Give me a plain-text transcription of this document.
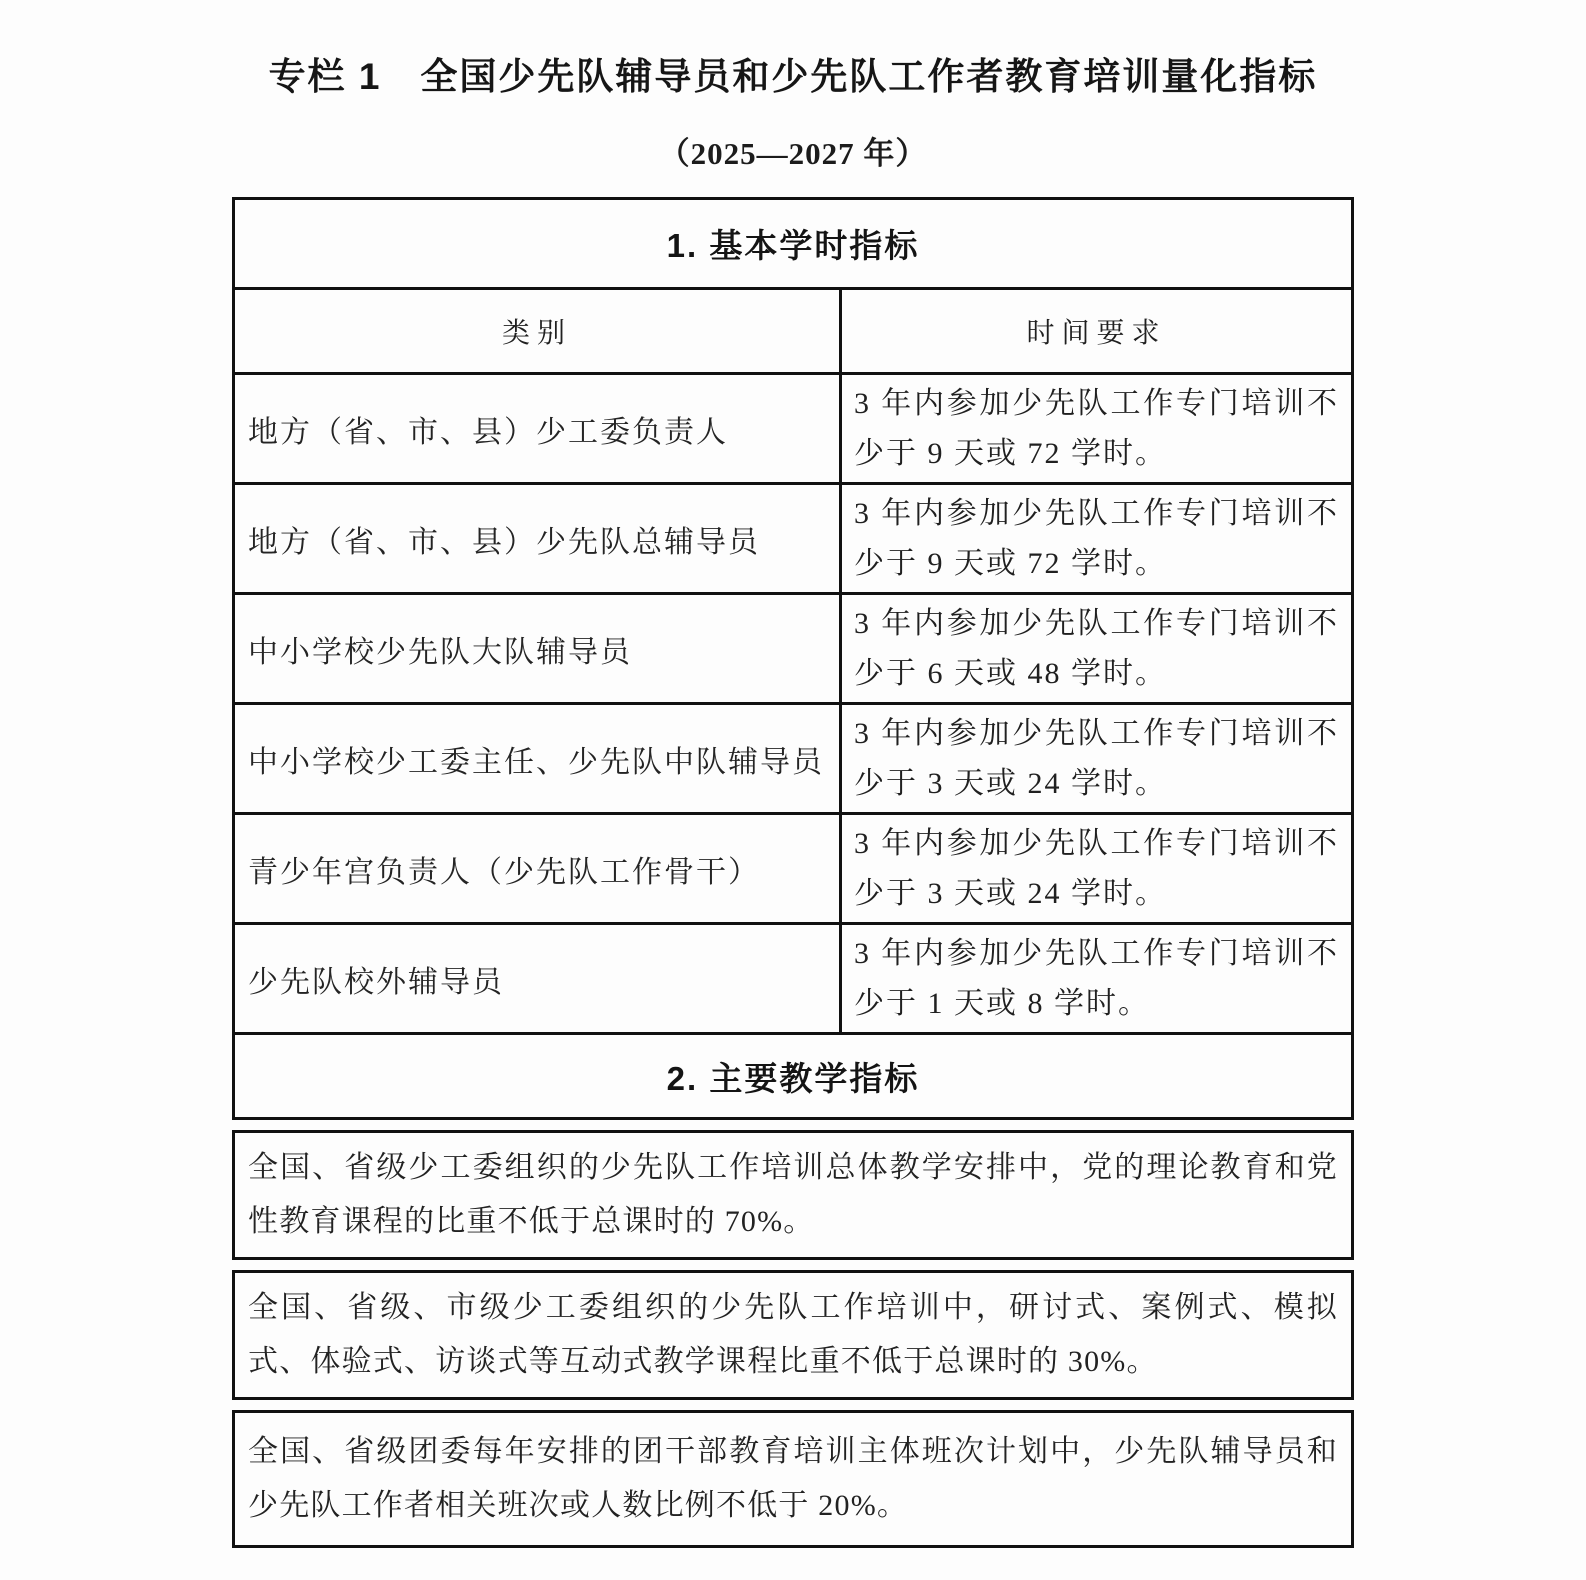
专栏 1　全国少先队辅导员和少先队工作者教育培训量化指标
（2025—2027 年）
1. 基本学时指标
类别	时间要求
地方（省、市、县）少工委负责人
3 年内参加少先队工作专门培训不少于 9 天或 72 学时。
地方（省、市、县）少先队总辅导员
3 年内参加少先队工作专门培训不少于 9 天或 72 学时。
中小学校少先队大队辅导员
3 年内参加少先队工作专门培训不少于 6 天或 48 学时。
中小学校少工委主任、少先队中队辅导员
3 年内参加少先队工作专门培训不少于 3 天或 24 学时。
青少年宫负责人（少先队工作骨干）
3 年内参加少先队工作专门培训不少于 3 天或 24 学时。
少先队校外辅导员
3 年内参加少先队工作专门培训不少于 1 天或 8 学时。
2. 主要教学指标
全国、省级少工委组织的少先队工作培训总体教学安排中，党的理论教育和党性教育课程的比重不低于总课时的 70%。
全国、省级、市级少工委组织的少先队工作培训中，研讨式、案例式、模拟式、体验式、访谈式等互动式教学课程比重不低于总课时的 30%。
全国、省级团委每年安排的团干部教育培训主体班次计划中，少先队辅导员和少先队工作者相关班次或人数比例不低于 20%。
